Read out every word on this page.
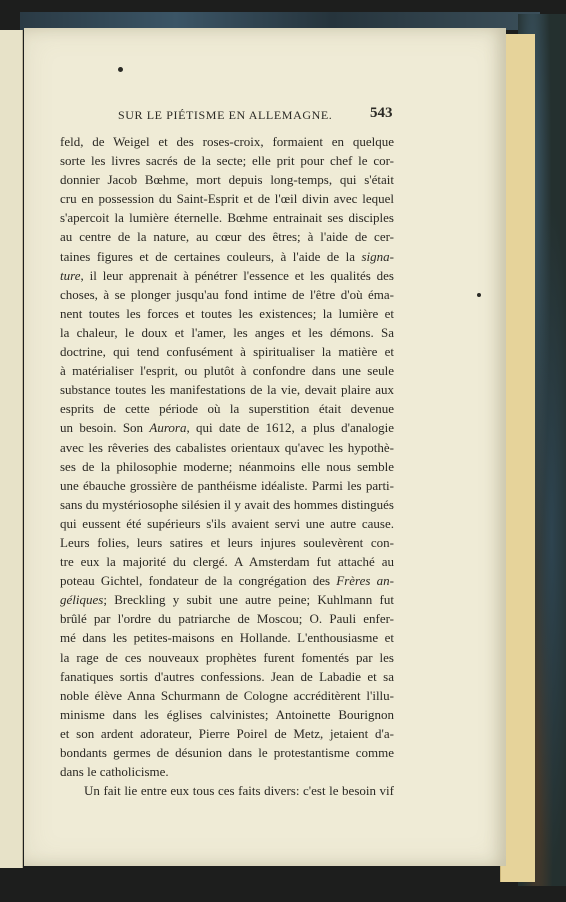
SUR LE PIÉTISME EN ALLEMAGNE.	543
feld, de Weigel et des roses-croix, formaient en quelque
sorte les livres sacrés de la secte; elle prit pour chef le cor-
donnier Jacob Bœhme, mort depuis long-temps, qui s'était
cru en possession du Saint-Esprit et de l'œil divin avec lequel
s'apercoit la lumière éternelle. Bœhme entrainait ses disciples
au centre de la nature, au cœur des êtres; à l'aide de cer-
taines figures et de certaines couleurs, à l'aide de la signa-
ture, il leur apprenait à pénétrer l'essence et les qualités des
choses, à se plonger jusqu'au fond intime de l'être d'où éma-
nent toutes les forces et toutes les existences; la lumière et
la chaleur, le doux et l'amer, les anges et les démons. Sa
doctrine, qui tend confusément à spiritualiser la matière et
à matérialiser l'esprit, ou plutôt à confondre dans une seule
substance toutes les manifestations de la vie, devait plaire aux
esprits de cette période où la superstition était devenue
un besoin. Son Aurora, qui date de 1612, a plus d'analogie
avec les rêveries des cabalistes orientaux qu'avec les hypothè-
ses de la philosophie moderne; néanmoins elle nous semble
une ébauche grossière de panthéisme idéaliste. Parmi les parti-
sans du mystériosophe silésien il y avait des hommes distingués
qui eussent été supérieurs s'ils avaient servi une autre cause.
Leurs folies, leurs satires et leurs injures soulevèrent con-
tre eux la majorité du clergé. A Amsterdam fut attaché au
poteau Gichtel, fondateur de la congrégation des Frères an-
géliques; Breckling y subit une autre peine; Kuhlmann fut
brûlé par l'ordre du patriarche de Moscou; O. Pauli enfer-
mé dans les petites-maisons en Hollande. L'enthousiasme et
la rage de ces nouveaux prophètes furent fomentés par les
fanatiques sortis d'autres confessions. Jean de Labadie et sa
noble élève Anna Schurmann de Cologne accréditèrent l'illu-
minisme dans les églises calvinistes; Antoinette Bourignon
et son ardent adorateur, Pierre Poirel de Metz, jetaient d'a-
bondants germes de désunion dans le protestantisme comme
dans le catholicisme.
Un fait lie entre eux tous ces faits divers: c'est le besoin vif
